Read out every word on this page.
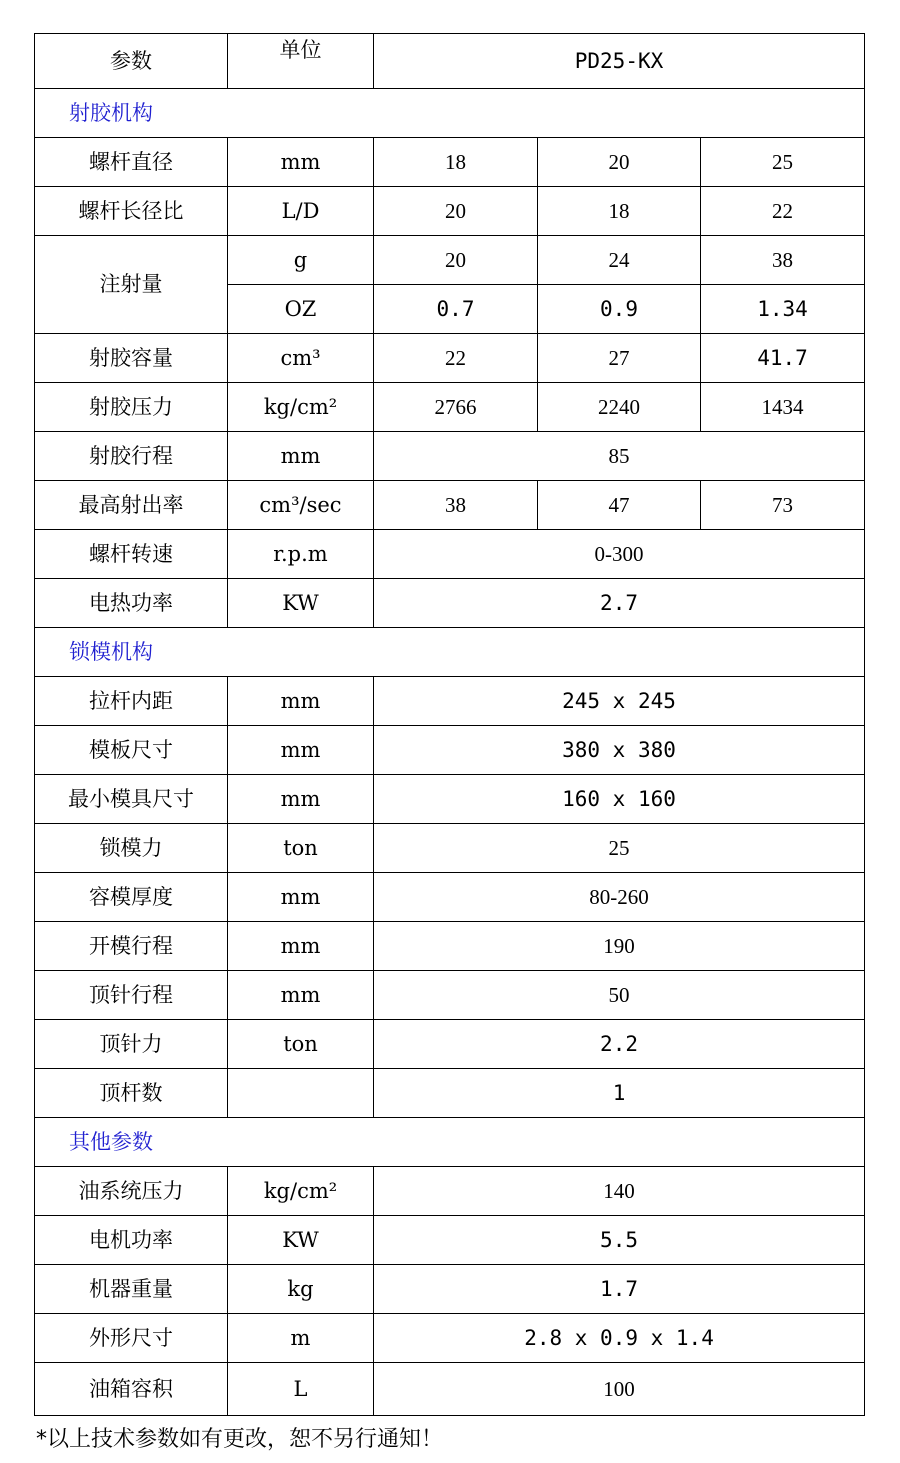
参数	单位	PD25-KX		
射胶机构				
螺杆直径	mm	18	20	25
螺杆长径比	L/D	20	18	22
注射量	g	20	24	38
	OZ	0.7	0.9	1.34
射胶容量	cm³	22	27	41.7
射胶压力	kg/cm²	2766	2240	1434
射胶行程	mm	85		
最高射出率	cm³/sec	38	47	73
螺杆转速	r.p.m	0-300		
电热功率	KW	2.7		
锁模机构				
拉杆内距	mm	245 x 245		
模板尺寸	mm	380 x 380		
最小模具尺寸	mm	160 x 160		
锁模力	ton	25		
容模厚度	mm	80-260		
开模行程	mm	190		
顶针行程	mm	50		
顶针力	ton	2.2		
顶杆数		1		
其他参数				
油系统压力	kg/cm²	140		
电机功率	KW	5.5		
机器重量	kg	1.7		
外形尺寸	m	2.8 x 0.9 x 1.4		
油箱容积	L	100		
*以上技术参数如有更改，恕不另行通知！
